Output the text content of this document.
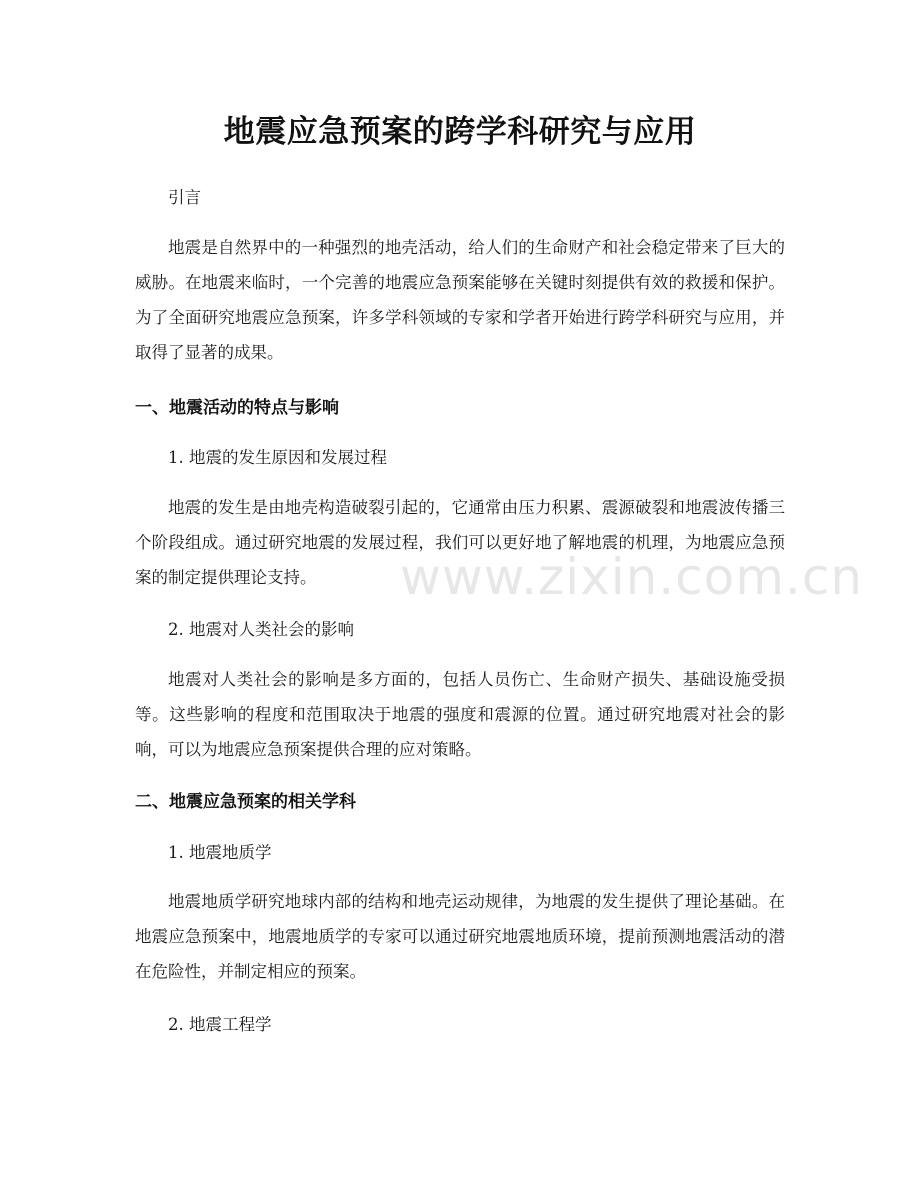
地震应急预案的跨学科研究与应用

引言

地震是自然界中的一种强烈的地壳活动，给人们的生命财产和社会稳定带来了巨大的威胁。在地震来临时，一个完善的地震应急预案能够在关键时刻提供有效的救援和保护。为了全面研究地震应急预案，许多学科领域的专家和学者开始进行跨学科研究与应用，并取得了显著的成果。

一、地震活动的特点与影响

1. 地震的发生原因和发展过程

地震的发生是由地壳构造破裂引起的，它通常由压力积累、震源破裂和地震波传播三个阶段组成。通过研究地震的发展过程，我们可以更好地了解地震的机理，为地震应急预案的制定提供理论支持。

2. 地震对人类社会的影响

地震对人类社会的影响是多方面的，包括人员伤亡、生命财产损失、基础设施受损等。这些影响的程度和范围取决于地震的强度和震源的位置。通过研究地震对社会的影响，可以为地震应急预案提供合理的应对策略。

二、地震应急预案的相关学科

1. 地震地质学

地震地质学研究地球内部的结构和地壳运动规律，为地震的发生提供了理论基础。在地震应急预案中，地震地质学的专家可以通过研究地震地质环境，提前预测地震活动的潜在危险性，并制定相应的预案。

2. 地震工程学

www.zixin.com.cn
